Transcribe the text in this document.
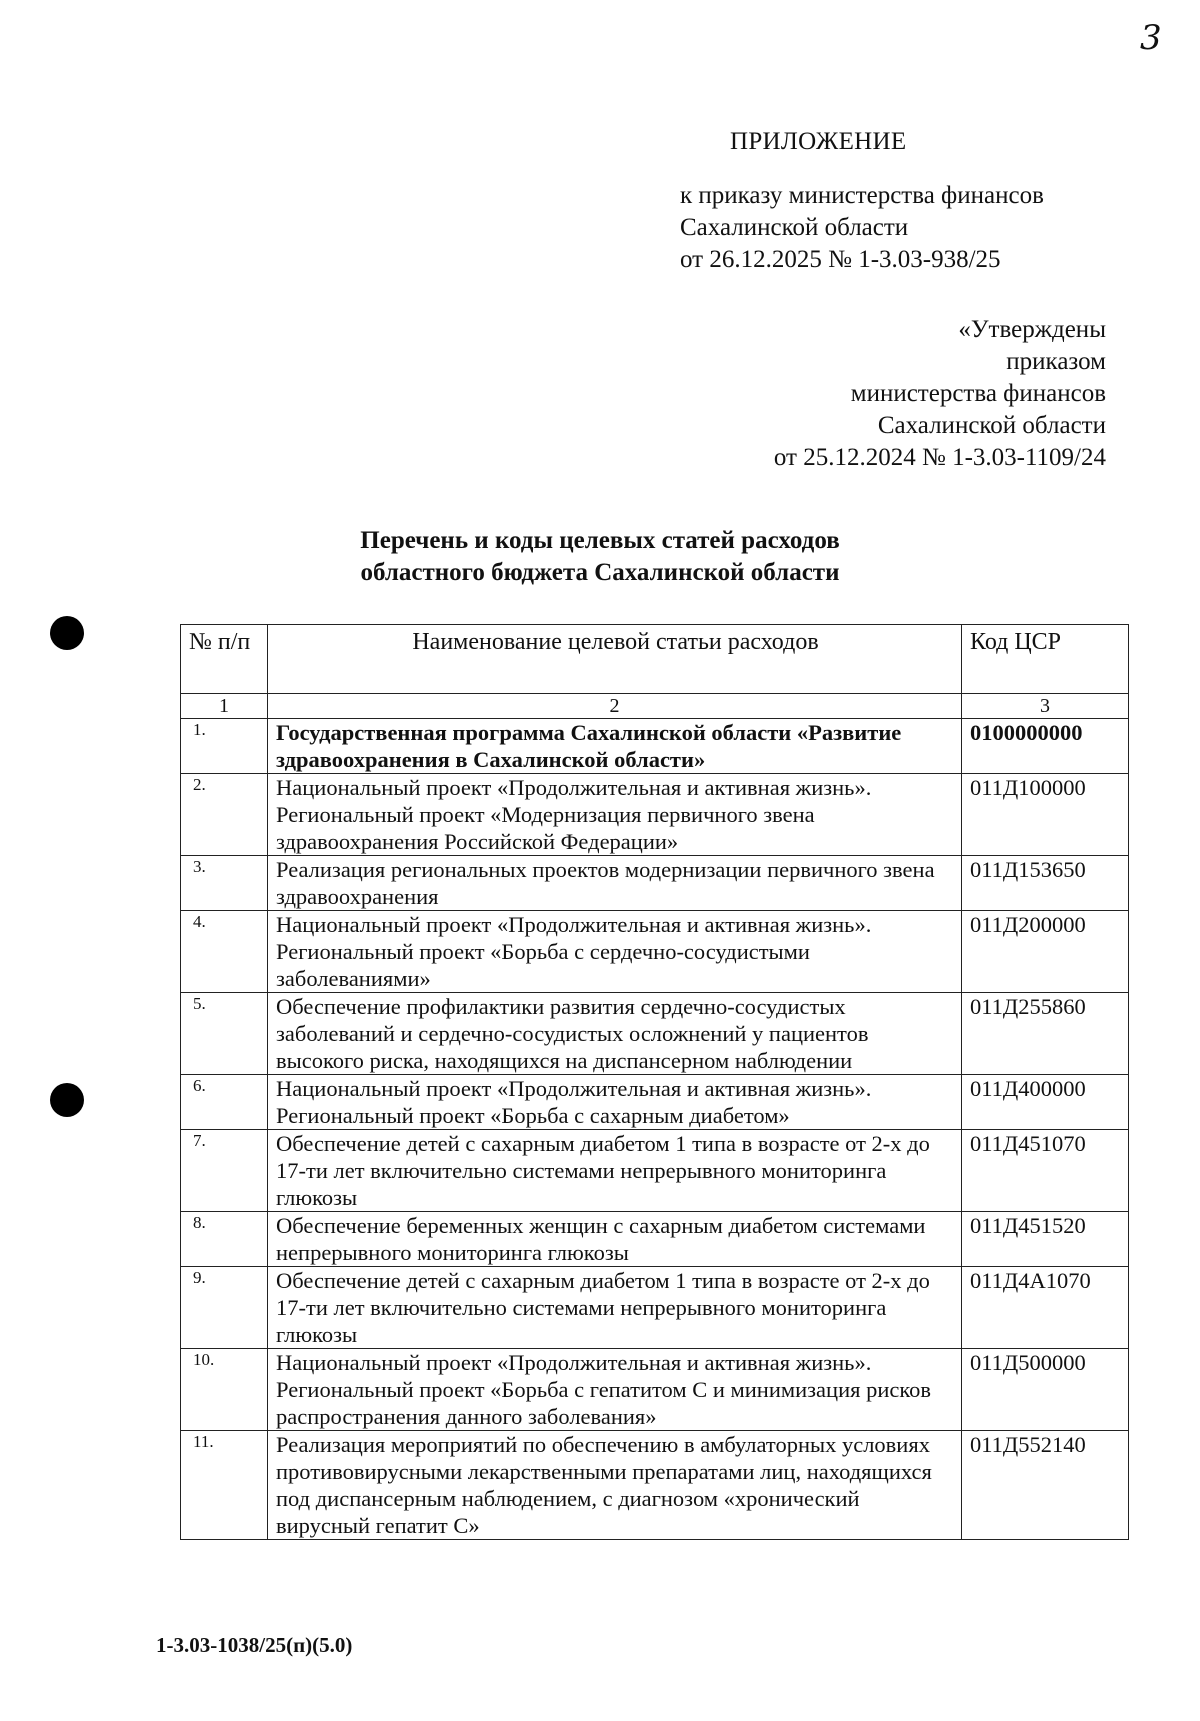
3
ПРИЛОЖЕНИЕ
к приказу министерства финансов
Сахалинской области
от 26.12.2025 № 1-3.03-938/25
«Утверждены
приказом
министерства финансов
Сахалинской области
от 25.12.2024 № 1-3.03-1109/24
Перечень и коды целевых статей расходов
областного бюджета Сахалинской области
№ п/п	Наименование целевой статьи расходов	Код ЦСР
1	2	3
1.	Государственная программа Сахалинской области «Развитие здравоохранения в Сахалинской области»	0100000000
2.	Национальный проект «Продолжительная и активная жизнь». Региональный проект «Модернизация первичного звена здравоохранения Российской Федерации»	011Д100000
3.	Реализация региональных проектов модернизации первичного звена здравоохранения	011Д153650
4.	Национальный проект «Продолжительная и активная жизнь». Региональный проект «Борьба с сердечно-сосудистыми заболеваниями»	011Д200000
5.	Обеспечение профилактики развития сердечно-сосудистых заболеваний и сердечно-сосудистых осложнений у пациентов высокого риска, находящихся на диспансерном наблюдении	011Д255860
6.	Национальный проект «Продолжительная и активная жизнь». Региональный проект «Борьба с сахарным диабетом»	011Д400000
7.	Обеспечение детей с сахарным диабетом 1 типа в возрасте от 2-х до 17-ти лет включительно системами непрерывного мониторинга глюкозы	011Д451070
8.	Обеспечение беременных женщин с сахарным диабетом системами непрерывного мониторинга глюкозы	011Д451520
9.	Обеспечение детей с сахарным диабетом 1 типа в возрасте от 2-х до 17-ти лет включительно системами непрерывного мониторинга глюкозы	011Д4А1070
10.	Национальный проект «Продолжительная и активная жизнь». Региональный проект «Борьба с гепатитом С и минимизация рисков распространения данного заболевания»	011Д500000
11.	Реализация мероприятий по обеспечению в амбулаторных условиях противовирусными лекарственными препаратами лиц, находящихся под диспансерным наблюдением, с диагнозом «хронический вирусный гепатит С»	011Д552140
1-3.03-1038/25(п)(5.0)
